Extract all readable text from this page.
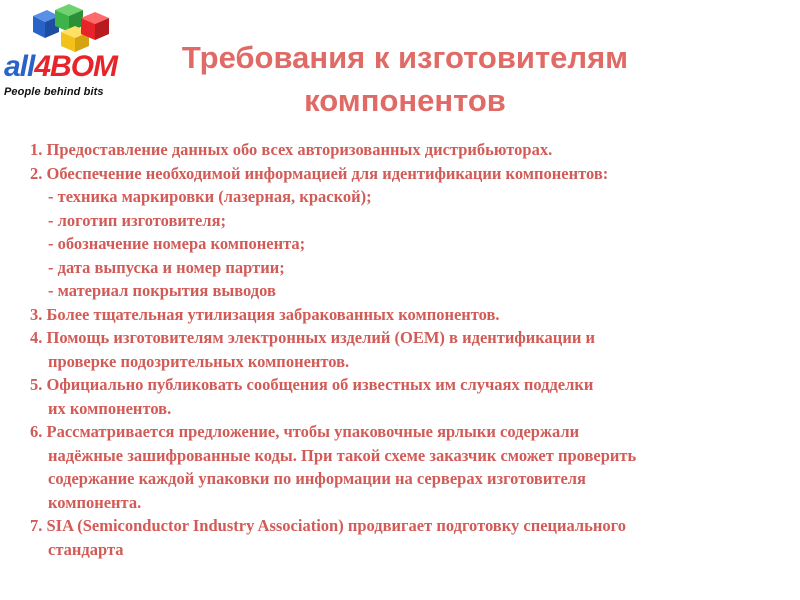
all4BOM
People behind bits
Требования к изготовителям
компонентов
1. Предоставление данных обо всех авторизованных дистрибьюторах.
2. Обеспечение необходимой информацией для идентификации компонентов:
- техника маркировки (лазерная, краской);
- логотип изготовителя;
- обозначение номера компонента;
- дата выпуска и номер партии;
- материал покрытия выводов
3. Более тщательная утилизация забракованных компонентов.
4. Помощь изготовителям электронных изделий (OEM) в идентификации и
проверке подозрительных компонентов.
5. Официально публиковать сообщения об известных им случаях подделки
их компонентов.
6. Рассматривается предложение, чтобы упаковочные ярлыки содержали
надёжные зашифрованные коды. При такой схеме заказчик сможет проверить
содержание каждой упаковки по информации на серверах изготовителя
компонента.
7. SIA (Semiconductor Industry Association) продвигает подготовку специального
стандарта
